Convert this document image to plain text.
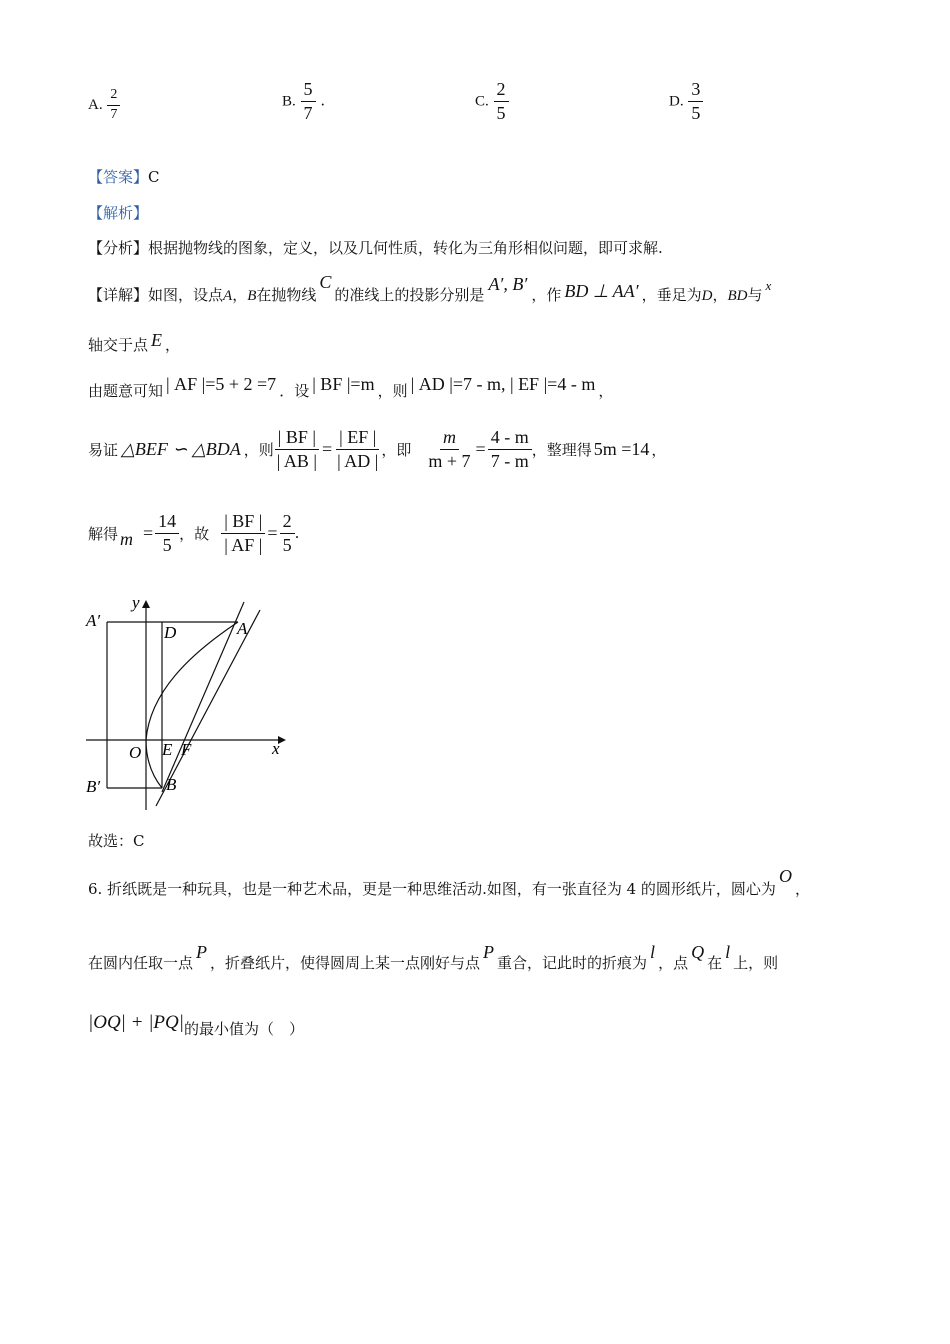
A. $\frac{2}{7}$	B. $\frac{5}{7}$ .	C. $\frac{2}{5}$	D. $\frac{3}{5}$
【答案】C
【解析】
【分析】根据抛物线的图象，定义，以及几何性质，转化为三角形相似问题，即可求解.
【详解】如图，设点A，B在抛物线C的准线上的投影分别是A′, B′，作 BD ⊥ AA′ ，垂足为D，BD与x
轴交于点 E ，
由题意可知 | AF |=5 + 2 =7 ．设 | BF |=m ，则 | AD |=7 - m, | EF |=4 - m ，
易证 △BEF ∽ △BDA ，则 $\frac{| BF |}{| AB |} = \frac{| EF |}{| AD |}$ ，即 $\frac{m}{m + 7} = \frac{4 - m}{7 - m}$ ，整理得 5m =14 ，
解得 $m = \frac{14}{5}$ ，故 $\frac{| BF |}{| AF |} = \frac{2}{5}$ .
y
x
A′
B′
D	A
O E F
B
故选：C
6. 折纸既是一种玩具，也是一种艺术品，更是一种思维活动.如图，有一张直径为 4 的圆形纸片，圆心为O，
在圆内任取一点P，折叠纸片，使得圆周上某一点刚好与点P重合，记此时的折痕为l，点Q在l上，则
|OQ| + |PQ|的最小值为（　）
